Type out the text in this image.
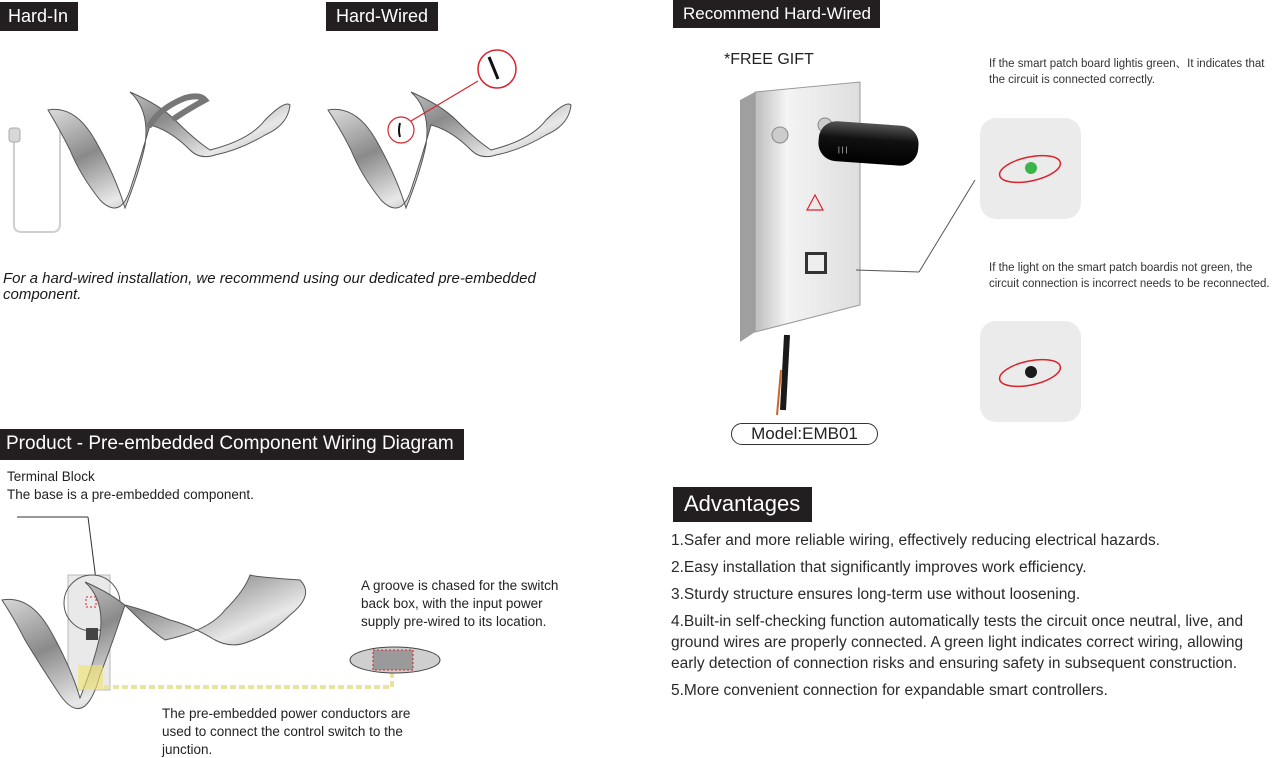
Hard-In	Hard-Wired	Recommend Hard-Wired
Product - Pre-embedded Component Wiring Diagram
Advantages
For a hard-wired installation, we recommend using our dedicated pre-embedded component.
Terminal Block
The base is a pre-embedded component.
A groove is chased for the switch back box, with the input power supply pre-wired to its location.
The pre-embedded power conductors are used to connect the control switch to the junction.
*FREE GIFT
| | |
Model:EMB01
If the smart patch board lightis green、It indicates that the circuit is connected correctly.
If the light on the smart patch boardis not green, the circuit connection is incorrect needs to be reconnected.
1.Safer and more reliable wiring, effectively reducing electrical hazards.
2.Easy installation that significantly improves work efficiency.
3.Sturdy structure ensures long-term use without loosening.
4.Built-in self-checking function automatically tests the circuit once neutral, live, and ground wires are properly connected. A green light indicates correct wiring, allowing early detection of connection risks and ensuring safety in subsequent construction.
5.More convenient connection for expandable smart controllers.
